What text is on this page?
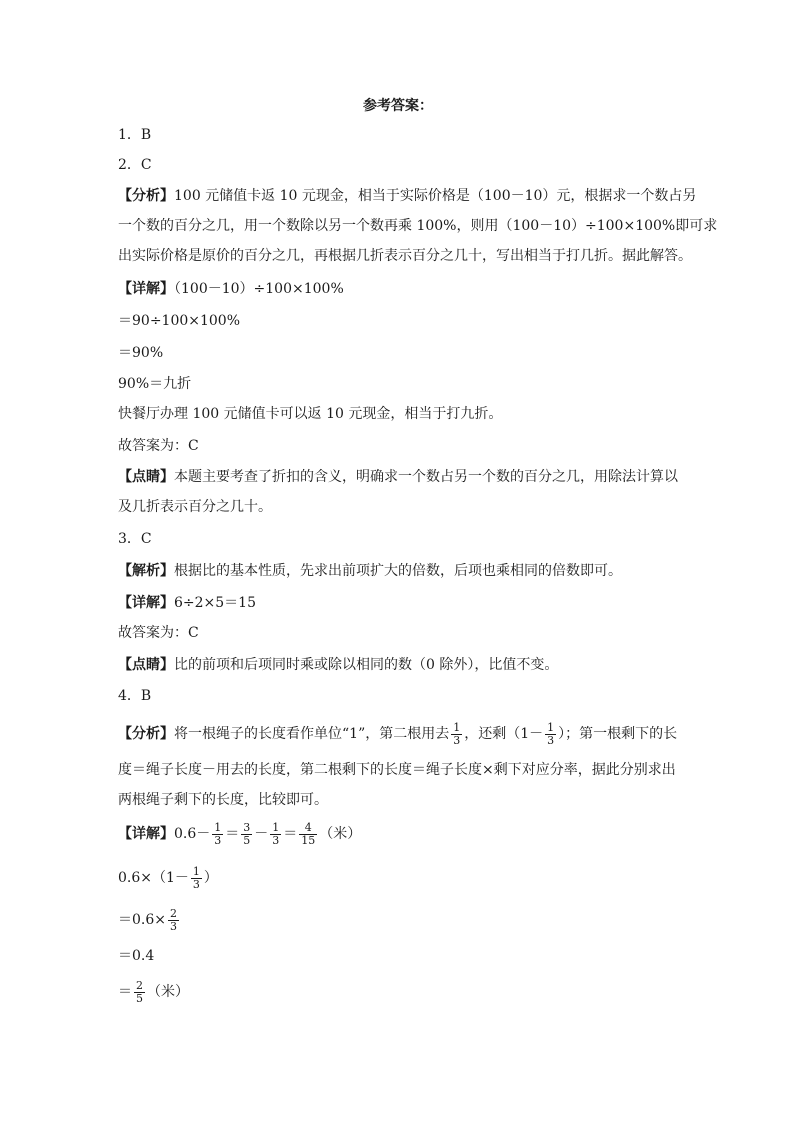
参考答案：
1．B
2．C
【分析】100 元储值卡返 10 元现金，相当于实际价格是（100－10）元，根据求一个数占另
一个数的百分之几，用一个数除以另一个数再乘 100%，则用（100－10）÷100×100%即可求
出实际价格是原价的百分之几，再根据几折表示百分之几十，写出相当于打几折。据此解答。
【详解】（100－10）÷100×100%
＝90÷100×100%
＝90%
90%＝九折
快餐厅办理 100 元储值卡可以返 10 元现金，相当于打九折。
故答案为：C
【点睛】本题主要考查了折扣的含义，明确求一个数占另一个数的百分之几，用除法计算以
及几折表示百分之几十。
3．C
【解析】根据比的基本性质，先求出前项扩大的倍数，后项也乘相同的倍数即可。
【详解】6÷2×5＝15
故答案为：C
【点睛】比的前项和后项同时乘或除以相同的数（0 除外），比值不变。
4．B
【分析】将一根绳子的长度看作单位“1”，第二根用去 $\frac{1}{3}$ ，还剩（$1- \frac{1}{3}$ ）；第一根剩下的长
度＝绳子长度－用去的长度，第二根剩下的长度＝绳子长度×剩下对应分率，据此分别求出
两根绳子剩下的长度，比较即可。
【详解】$0.6- \frac{1}{3} = \frac{3}{5} - \frac{1}{3} = \frac{4}{15}$ （米）
$0.6\times(1- \frac{1}{3}$ ）
$=0.6\times \frac{2}{3}$
＝0.4
＝ $\frac{2}{5}$ （米）
